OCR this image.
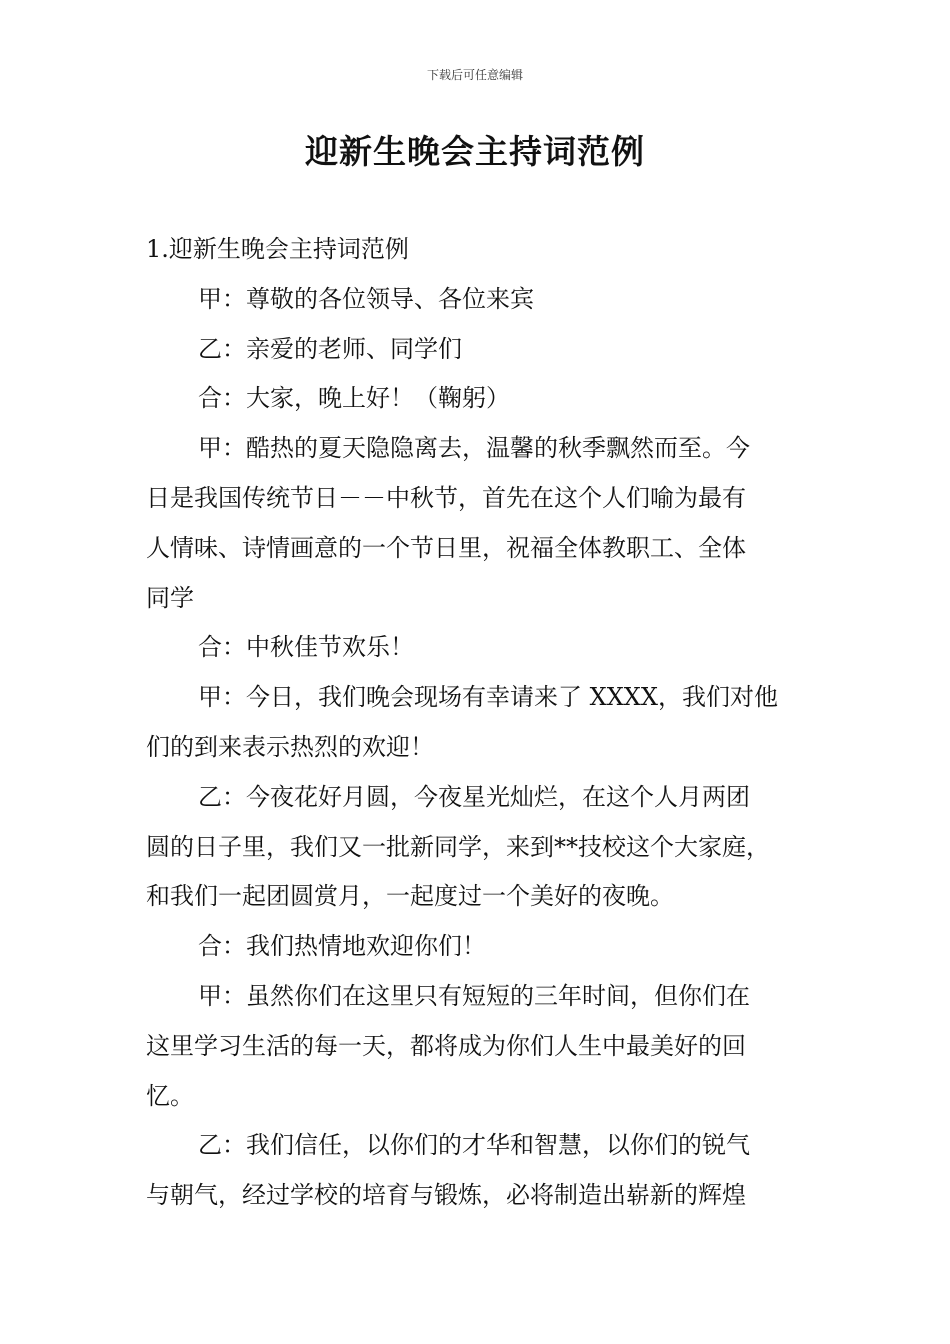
下载后可任意编辑
迎新生晚会主持词范例
1.迎新生晚会主持词范例
甲：尊敬的各位领导、各位来宾
乙：亲爱的老师、同学们
合：大家，晚上好！（鞠躬）
甲：酷热的夏天隐隐离去，温馨的秋季飘然而至。今
日是我国传统节日－－中秋节，首先在这个人们喻为最有
人情味、诗情画意的一个节日里，祝福全体教职工、全体
同学
合：中秋佳节欢乐！
甲：今日，我们晚会现场有幸请来了 XXXX，我们对他
们的到来表示热烈的欢迎！
乙：今夜花好月圆，今夜星光灿烂，在这个人月两团
圆的日子里，我们又一批新同学，来到**技校这个大家庭，
和我们一起团圆赏月，一起度过一个美好的夜晚。
合：我们热情地欢迎你们！
甲：虽然你们在这里只有短短的三年时间，但你们在
这里学习生活的每一天，都将成为你们人生中最美好的回
忆。
乙：我们信任，以你们的才华和智慧，以你们的锐气
与朝气，经过学校的培育与锻炼，必将制造出崭新的辉煌
